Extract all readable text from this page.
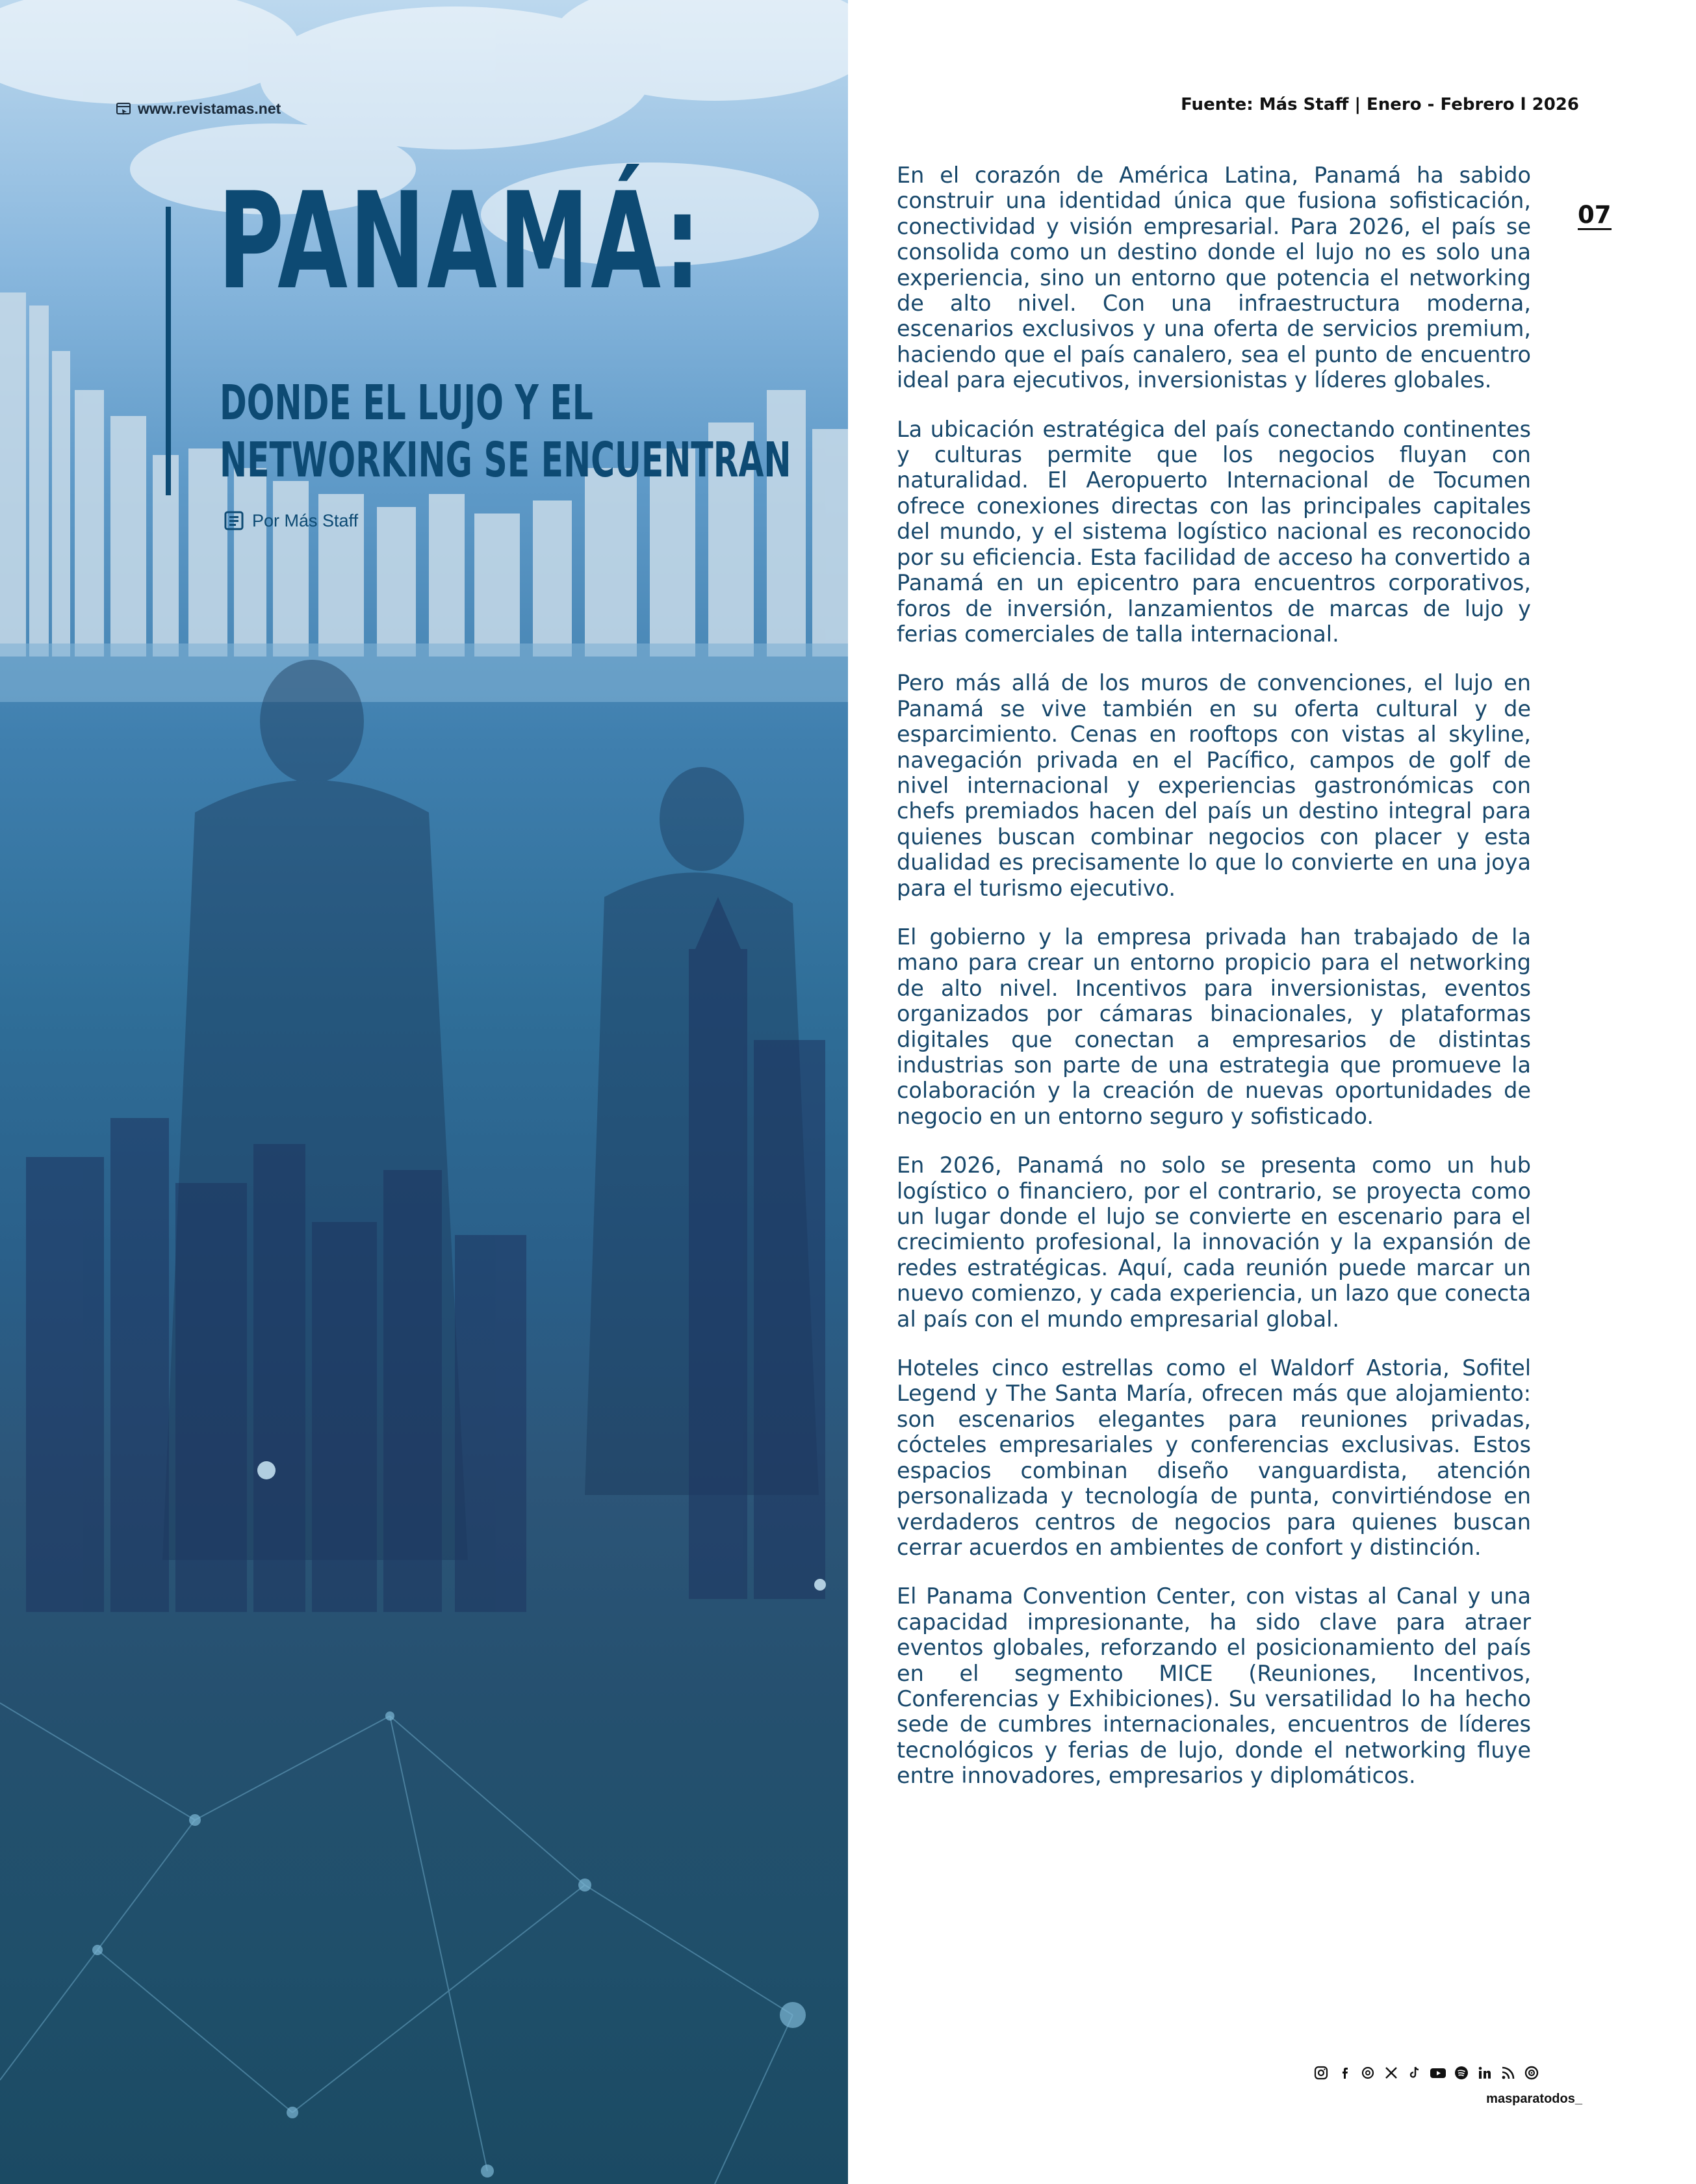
www.revistamas.net
PANAMÁ:
DONDE EL LUJO Y EL
NETWORKING SE ENCUENTRAN
Por Más Staff
Fuente: Más Staff | Enero - Febrero l 2026
07

En el corazón de América Latina, Panamá ha sabido construir una identidad única que fusiona sofisticación, conectividad y visión empresarial. Para 2026, el país se consolida como un destino donde el lujo no es solo una experiencia, sino un entorno que potencia el networking de alto nivel. Con una infraestructura moderna, escenarios exclusivos y una oferta de servicios premium, haciendo que el país canalero, sea el punto de encuentro ideal para ejecutivos, inversionistas y líderes globales.

La ubicación estratégica del país conectando continentes y culturas permite que los negocios fluyan con naturalidad. El Aeropuerto Internacional de Tocumen ofrece conexiones directas con las principales capitales del mundo, y el sistema logístico nacional es reconocido por su eficiencia. Esta facilidad de acceso ha convertido a Panamá en un epicentro para encuentros corporativos, foros de inversión, lanzamientos de marcas de lujo y ferias comerciales de talla internacional.

Pero más allá de los muros de convenciones, el lujo en Panamá se vive también en su oferta cultural y de esparcimiento. Cenas en rooftops con vistas al skyline, navegación privada en el Pacífico, campos de golf de nivel internacional y experiencias gastronómicas con chefs premiados hacen del país un destino integral para quienes buscan combinar negocios con placer y esta dualidad es precisamente lo que lo convierte en una joya para el turismo ejecutivo.

El gobierno y la empresa privada han trabajado de la mano para crear un entorno propicio para el networking de alto nivel. Incentivos para inversionistas, eventos organizados por cámaras binacionales, y plataformas digitales que conectan a empresarios de distintas industrias son parte de una estrategia que promueve la colaboración y la creación de nuevas oportunidades de negocio en un entorno seguro y sofisticado.

En 2026, Panamá no solo se presenta como un hub logístico o financiero, por el contrario, se proyecta como un lugar donde el lujo se convierte en escenario para el crecimiento profesional, la innovación y la expansión de redes estratégicas. Aquí, cada reunión puede marcar un nuevo comienzo, y cada experiencia, un lazo que conecta al país con el mundo empresarial global.

Hoteles cinco estrellas como el Waldorf Astoria, Sofitel Legend y The Santa María, ofrecen más que alojamiento: son escenarios elegantes para reuniones privadas, cócteles empresariales y conferencias exclusivas. Estos espacios combinan diseño vanguardista, atención personalizada y tecnología de punta, convirtiéndose en verdaderos centros de negocios para quienes buscan cerrar acuerdos en ambientes de confort y distinción.

El Panama Convention Center, con vistas al Canal y una capacidad impresionante, ha sido clave para atraer eventos globales, reforzando el posicionamiento del país en el segmento MICE (Reuniones, Incentivos, Conferencias y Exhibiciones). Su versatilidad lo ha hecho sede de cumbres internacionales, encuentros de líderes tecnológicos y ferias de lujo, donde el networking fluye entre innovadores, empresarios y diplomáticos.

masparatodos_
